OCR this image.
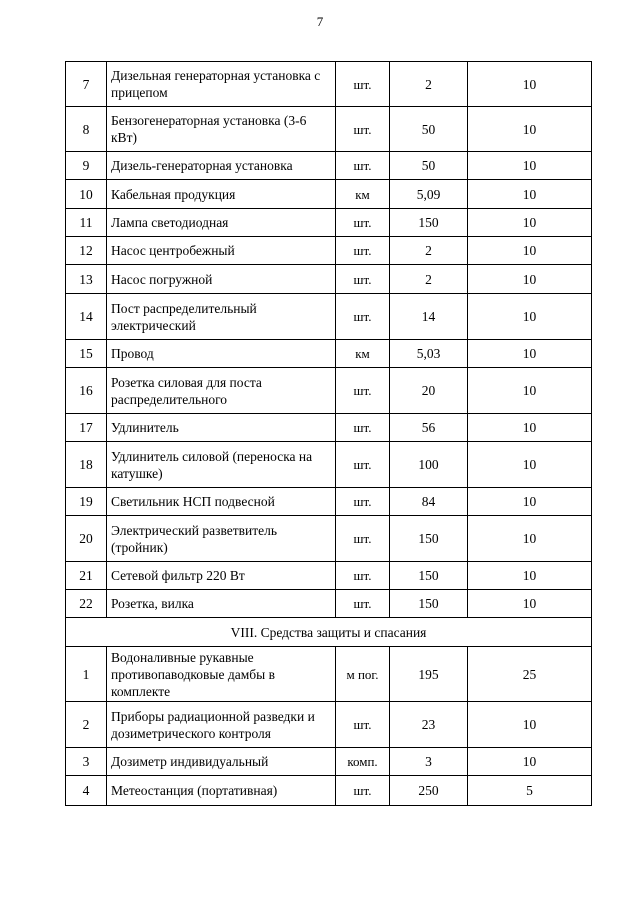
7
7	Дизельная генераторная установка с прицепом	шт.	2	10
8	Бензогенераторная установка (3-6 кВт)	шт.	50	10
9	Дизель-генераторная установка	шт.	50	10
10	Кабельная продукция	км	5,09	10
11	Лампа светодиодная	шт.	150	10
12	Насос центробежный	шт.	2	10
13	Насос погружной	шт.	2	10
14	Пост распределительный электрический	шт.	14	10
15	Провод	км	5,03	10
16	Розетка силовая для поста распределительного	шт.	20	10
17	Удлинитель	шт.	56	10
18	Удлинитель силовой (переноска на катушке)	шт.	100	10
19	Светильник НСП подвесной	шт.	84	10
20	Электрический разветвитель (тройник)	шт.	150	10
21	Сетевой фильтр 220 Вт	шт.	150	10
22	Розетка, вилка	шт.	150	10
VIII. Средства защиты и спасания				
1	Водоналивные рукавные противопаводковые дамбы в комплекте	м пог.	195	25
2	Приборы радиационной разведки и дозиметрического контроля	шт.	23	10
3	Дозиметр индивидуальный	комп.	3	10
4	Метеостанция (портативная)	шт.	250	5
